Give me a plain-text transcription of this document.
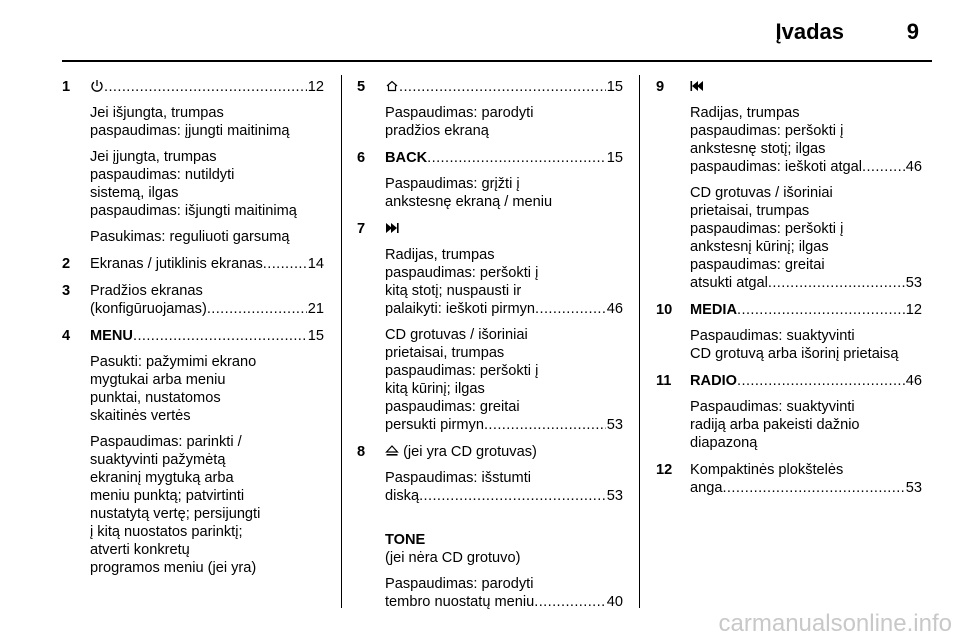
Įvadas	9
1 .....	12
Jei išjungta, trumpas
paspaudimas: įjungti maitinimą
Jei įjungta, trumpas
paspaudimas: nutildyti
sistemą, ilgas
paspaudimas: išjungti maitinimą
Pasukimas: reguliuoti garsumą
2	Ekranas / jutiklinis ekranas .....	14
3	Pradžios ekranas
(konfigūruojamas) .....	21
4	MENU .....	15
Pasukti: pažymimi ekrano
mygtukai arba meniu
punktai, nustatomos
skaitinės vertės
Paspaudimas: parinkti /
suaktyvinti pažymėtą
ekraninį mygtuką arba
meniu punktą; patvirtinti
nustatytą vertę; persijungti
į kitą nuostatos parinktį;
atverti konkretų
programos meniu (jei yra)
5 .....	15
Paspaudimas: parodyti
pradžios ekraną
6	BACK .....	15
Paspaudimas: grįžti į
ankstesnę ekraną / meniu
7
Radijas, trumpas
paspaudimas: peršokti į
kitą stotį; nuspausti ir
palaikyti: ieškoti pirmyn .....	46
CD grotuvas / išoriniai
prietaisai, trumpas
paspaudimas: peršokti į
kitą kūrinį; ilgas
paspaudimas: greitai
persukti pirmyn .....	53
8	(jei yra CD grotuvas)
Paspaudimas: išstumti
diską .....	53

TONE
(jei nėra CD grotuvo)

Paspaudimas: parodyti
tembro nuostatų meniu .....	40
9
Radijas, trumpas
paspaudimas: peršokti į
ankstesnę stotį; ilgas
paspaudimas: ieškoti atgal .....	46
CD grotuvas / išoriniai
prietaisai, trumpas
paspaudimas: peršokti į
ankstesnį kūrinį; ilgas
paspaudimas: greitai
atsukti atgal .....	53
10	MEDIA .....	12
Paspaudimas: suaktyvinti
CD grotuvą arba išorinį prietaisą
11	RADIO .....	46
Paspaudimas: suaktyvinti
radiją arba pakeisti dažnio
diapazoną
12	Kompaktinės plokštelės
anga .....	53
carmanualsonline.info
